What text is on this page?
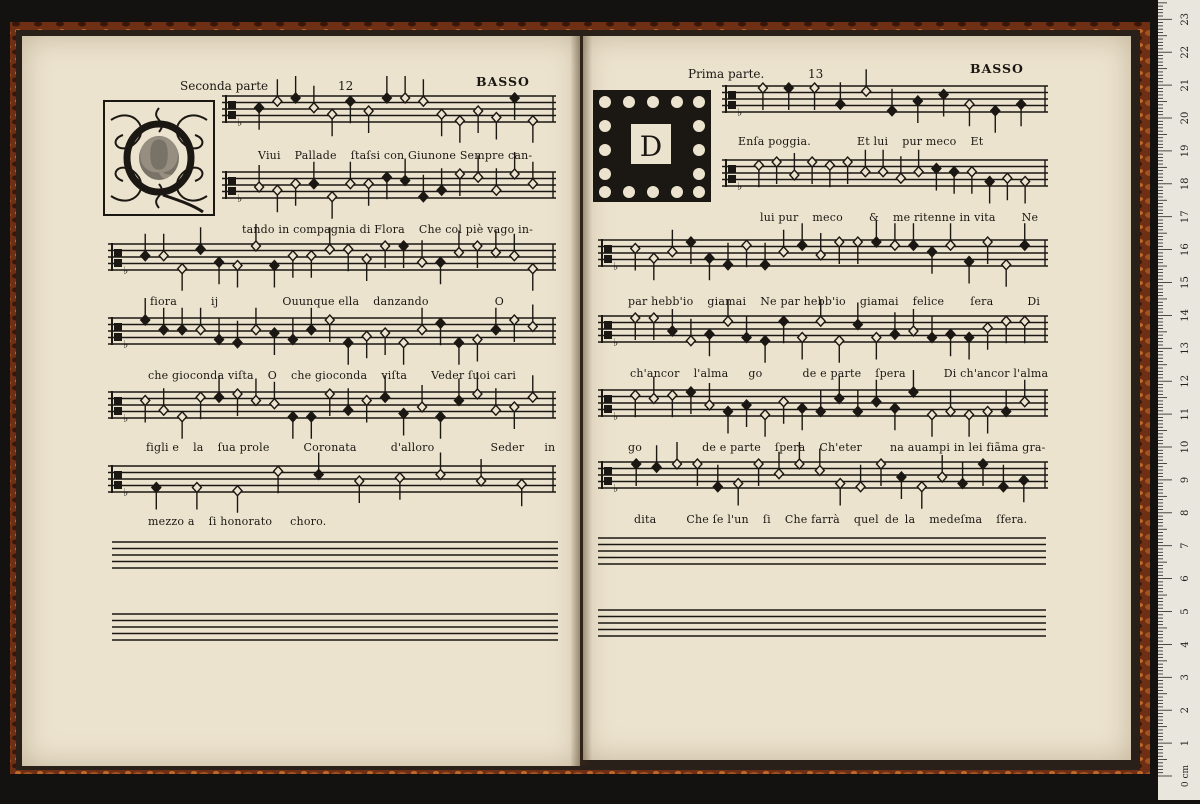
Seconda parte	12	BASSO	Prima parte.	13	BASSO
Q	D
♭
♭
♭
♭
♭
♭
♭
♭
♭
♭
♭
♭
Viui Pallade ſtaſsi con Giunone Sempre can-
tando in compagnia di Flora Che col piè vago in-
fiora	ij	Ouunque ella danzando	O
che gioconda viſta O che gioconda viſta Veder ſuoi cari
figli e la ſua prole	Coronata	d'alloro	Seder in
mezzo a ſi honorato choro.
Enſa poggia.	Et lui pur meco Et
lui pur meco & me ritenne in vita Ne
par hebb'io giamai Ne par hebb'io giamai felice ſera	Di
ch'ancor l'alma go	de e parte ſpera	Di ch'ancor l'alma
go	de e parte ſpera Ch'eter	na auampi in lei fiãma gra-
dita	Che ſe l'un ſi Che farrà quel de la medeſma ſfera.
1
2
3
4
5
6
7
8
9
10
11
12
13
14
15
16
17
18
19
20
21
22
23
0 cm
